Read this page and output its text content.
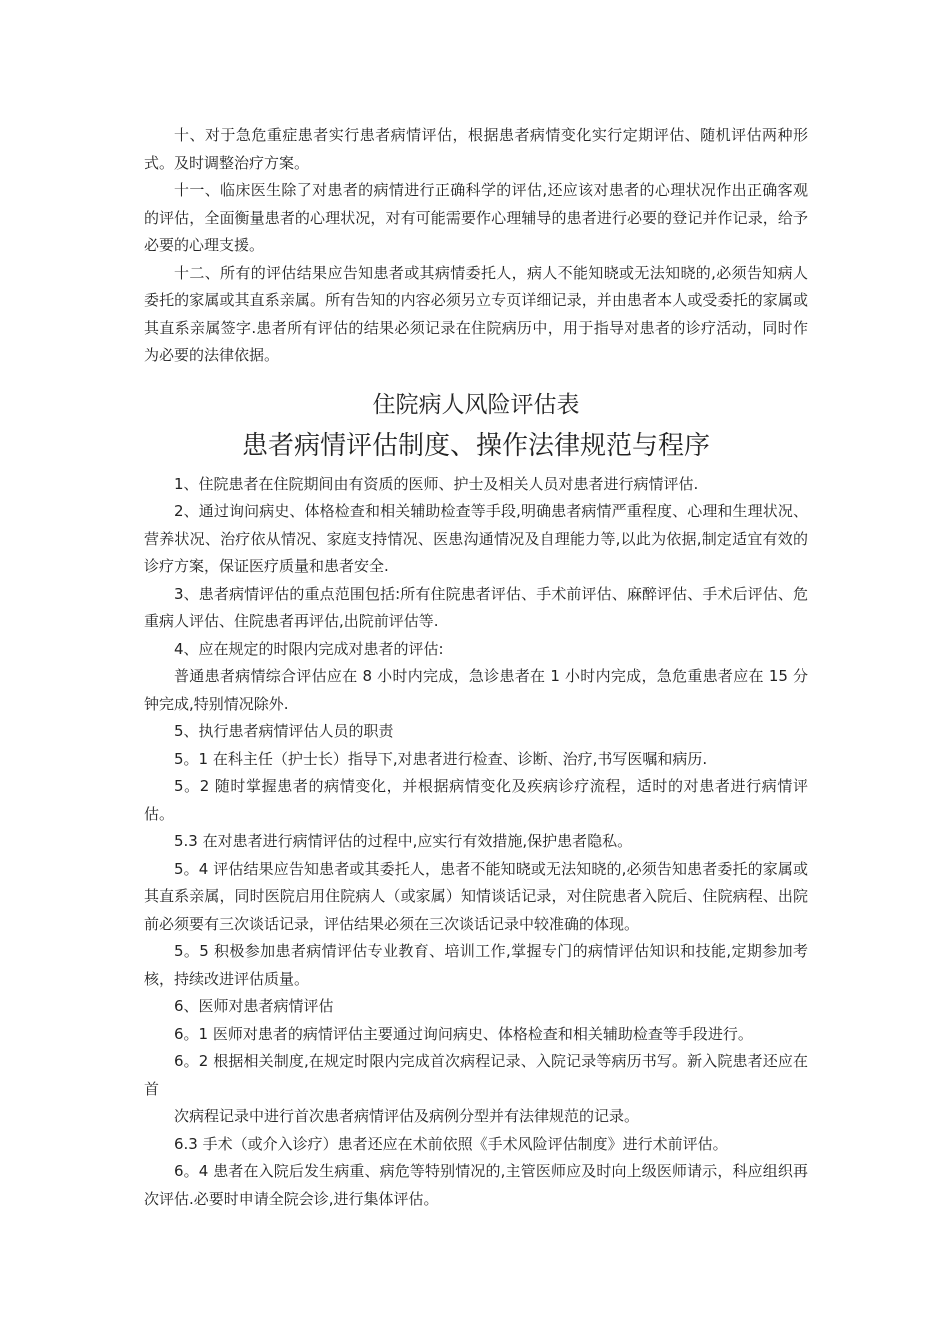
十、对于急危重症患者实行患者病情评估，根据患者病情变化实行定期评估、随机评估两种形式。及时调整治疗方案。

十一、临床医生除了对患者的病情进行正确科学的评估,还应该对患者的心理状况作出正确客观的评估，全面衡量患者的心理状况，对有可能需要作心理辅导的患者进行必要的登记并作记录，给予必要的心理支援。

十二、所有的评估结果应告知患者或其病情委托人，病人不能知晓或无法知晓的,必须告知病人委托的家属或其直系亲属。所有告知的内容必须另立专页详细记录，并由患者本人或受委托的家属或其直系亲属签字.患者所有评估的结果必须记录在住院病历中，用于指导对患者的诊疗活动，同时作为必要的法律依据。

住院病人风险评估表
患者病情评估制度、操作法律规范与程序

1、住院患者在住院期间由有资质的医师、护士及相关人员对患者进行病情评估.

2、通过询问病史、体格检查和相关辅助检查等手段,明确患者病情严重程度、心理和生理状况、营养状况、治疗依从情况、家庭支持情况、医患沟通情况及自理能力等,以此为依据,制定适宜有效的诊疗方案，保证医疗质量和患者安全.

3、患者病情评估的重点范围包括:所有住院患者评估、手术前评估、麻醉评估、手术后评估、危重病人评估、住院患者再评估,出院前评估等.

4、应在规定的时限内完成对患者的评估:

普通患者病情综合评估应在 8 小时内完成，急诊患者在 1 小时内完成，急危重患者应在 15 分钟完成,特别情况除外.

5、执行患者病情评估人员的职责

5。1 在科主任（护士长）指导下,对患者进行检查、诊断、治疗,书写医嘱和病历.

5。2 随时掌握患者的病情变化，并根据病情变化及疾病诊疗流程，适时的对患者进行病情评估。

5.3 在对患者进行病情评估的过程中,应实行有效措施,保护患者隐私。

5。4 评估结果应告知患者或其委托人，患者不能知晓或无法知晓的,必须告知患者委托的家属或其直系亲属，同时医院启用住院病人（或家属）知情谈话记录，对住院患者入院后、住院病程、出院前必须要有三次谈话记录，评估结果必须在三次谈话记录中较准确的体现。

5。5 积极参加患者病情评估专业教育、培训工作,掌握专门的病情评估知识和技能,定期参加考核，持续改进评估质量。

6、医师对患者病情评估

6。1 医师对患者的病情评估主要通过询问病史、体格检查和相关辅助检查等手段进行。

6。2 根据相关制度,在规定时限内完成首次病程记录、入院记录等病历书写。新入院患者还应在首

次病程记录中进行首次患者病情评估及病例分型并有法律规范的记录。

6.3 手术（或介入诊疗）患者还应在术前依照《手术风险评估制度》进行术前评估。

6。4 患者在入院后发生病重、病危等特别情况的,主管医师应及时向上级医师请示，科应组织再次评估.必要时申请全院会诊,进行集体评估。
